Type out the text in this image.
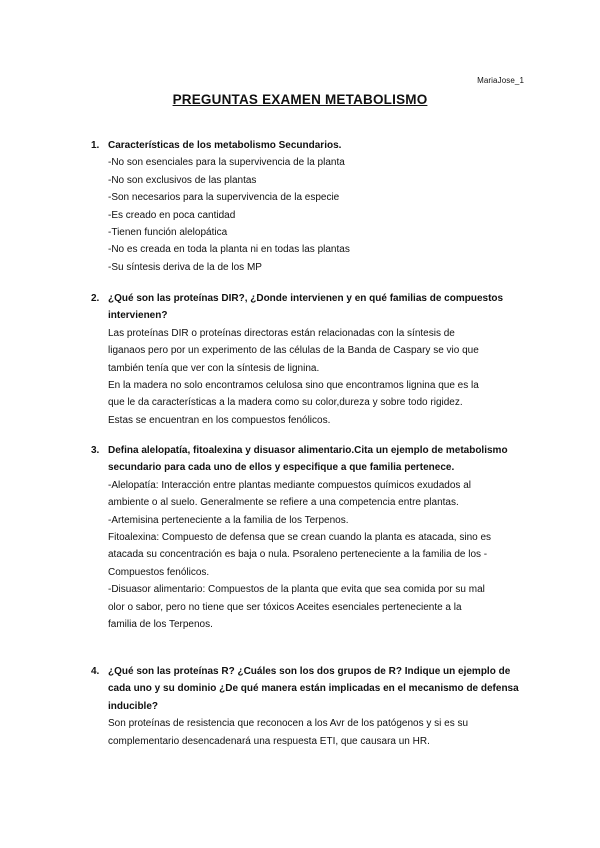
MariaJose_1
PREGUNTAS EXAMEN METABOLISMO
1. Características de los metabolismo Secundarios.
-No son esenciales para la supervivencia de la planta
-No son exclusivos de las plantas
-Son necesarios para la supervivencia de la especie
-Es creado en poca cantidad
-Tienen función alelopática
-No es creada en toda la planta ni en todas las plantas
-Su síntesis deriva de la de los MP
2. ¿Qué son las proteínas DIR?, ¿Donde intervienen y en qué familias de compuestos intervienen?
Las proteínas DIR o proteínas directoras están relacionadas con la síntesis de
liganaos pero por un experimento de las células de la Banda de Caspary se vio que
también tenía que ver con la síntesis de lignina.
En la madera no solo encontramos celulosa sino que encontramos lignina que es la
que le da características a la madera como su color,dureza y sobre todo rigidez.
Estas se encuentran en los compuestos fenólicos.
3. Defina alelopatía, fitoalexina y disuasor alimentario.Cita un ejemplo de metabolismo secundario para cada uno de ellos y especifique a que familia pertenece.
-Alelopatía: Interacción entre plantas mediante compuestos químicos exudados al
ambiente o al suelo. Generalmente se refiere a una competencia entre plantas.
-Artemisina perteneciente a la familia de los Terpenos.
Fitoalexina: Compuesto de defensa que se crean cuando la planta es atacada, sino es
atacada su concentración es baja o nula. Psoraleno perteneciente a la familia de los -
Compuestos fenólicos.
-Disuasor alimentario: Compuestos de la planta que evita que sea comida por su mal
olor o sabor, pero no tiene que ser tóxicos Aceites esenciales perteneciente a la
familia de los Terpenos.
4. ¿Qué son las proteínas R? ¿Cuáles son los dos grupos de R? Indique un ejemplo de cada uno y su dominio ¿De qué manera están implicadas en el mecanismo de defensa inducible?
Son proteínas de resistencia que reconocen a los Avr de los patógenos y si es su
complementario desencadenará una respuesta ETI, que causara un HR.
